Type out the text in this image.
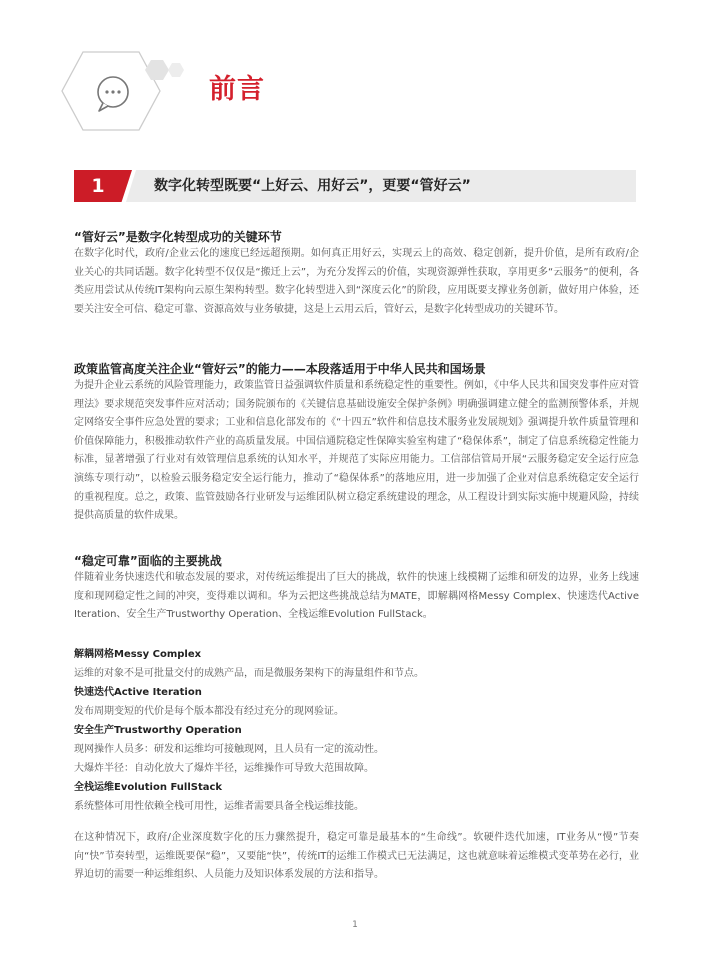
前言
1	数字化转型既要“上好云、用好云”，更要“管好云”
“管好云”是数字化转型成功的关键环节

在数字化时代，政府/企业云化的速度已经远超预期。如何真正用好云，实现云上的高效、稳定创新，提升价值，是所有政府/企业关心的共同话题。数字化转型不仅仅是“搬迁上云”，为充分发挥云的价值，实现资源弹性获取，享用更多“云服务”的便利，各类应用尝试从传统IT架构向云原生架构转型。数字化转型进入到“深度云化”的阶段，应用既要支撑业务创新，做好用户体验，还要关注安全可信、稳定可靠、资源高效与业务敏捷，这是上云用云后，管好云，是数字化转型成功的关键环节。

政策监管高度关注企业“管好云”的能力——本段落适用于中华人民共和国场景

为提升企业云系统的风险管理能力，政策监管日益强调软件质量和系统稳定性的重要性。例如，《中华人民共和国突发事件应对管理法》要求规范突发事件应对活动；国务院颁布的《关键信息基础设施安全保护条例》明确强调建立健全的监测预警体系，并规定网络安全事件应急处置的要求；工业和信息化部发布的《“十四五”软件和信息技术服务业发展规划》强调提升软件质量管理和价值保障能力，积极推动软件产业的高质量发展。中国信通院稳定性保障实验室构建了“稳保体系”，制定了信息系统稳定性能力标准，显著增强了行业对有效管理信息系统的认知水平，并规范了实际应用能力。工信部信管局开展“云服务稳定安全运行应急演练专项行动”，以检验云服务稳定安全运行能力，推动了“稳保体系”的落地应用，进一步加强了企业对信息系统稳定安全运行的重视程度。总之，政策、监管鼓励各行业研发与运维团队树立稳定系统建设的理念，从工程设计到实际实施中规避风险，持续提供高质量的软件成果。

“稳定可靠”面临的主要挑战

伴随着业务快速迭代和敏态发展的要求，对传统运维提出了巨大的挑战，软件的快速上线模糊了运维和研发的边界，业务上线速度和现网稳定性之间的冲突，变得难以调和。华为云把这些挑战总结为MATE，即解耦网格Messy Complex、快速迭代Active Iteration、安全生产Trustworthy Operation、全栈运维Evolution FullStack。

解耦网格Messy Complex
运维的对象不是可批量交付的成熟产品，而是微服务架构下的海量组件和节点。
快速迭代Active Iteration
发布周期变短的代价是每个版本都没有经过充分的现网验证。
安全生产Trustworthy Operation
现网操作人员多：研发和运维均可接触现网，且人员有一定的流动性。
大爆炸半径：自动化放大了爆炸半径，运维操作可导致大范围故障。
全栈运维Evolution FullStack
系统整体可用性依赖全栈可用性，运维者需要具备全栈运维技能。

在这种情况下，政府/企业深度数字化的压力骤然提升，稳定可靠是最基本的“生命线”。软硬件迭代加速，IT业务从“慢”节奏向“快”节奏转型，运维既要保“稳”，又要能“快”，传统IT的运维工作模式已无法满足，这也就意味着运维模式变革势在必行，业界迫切的需要一种运维组织、人员能力及知识体系发展的方法和指导。

1
